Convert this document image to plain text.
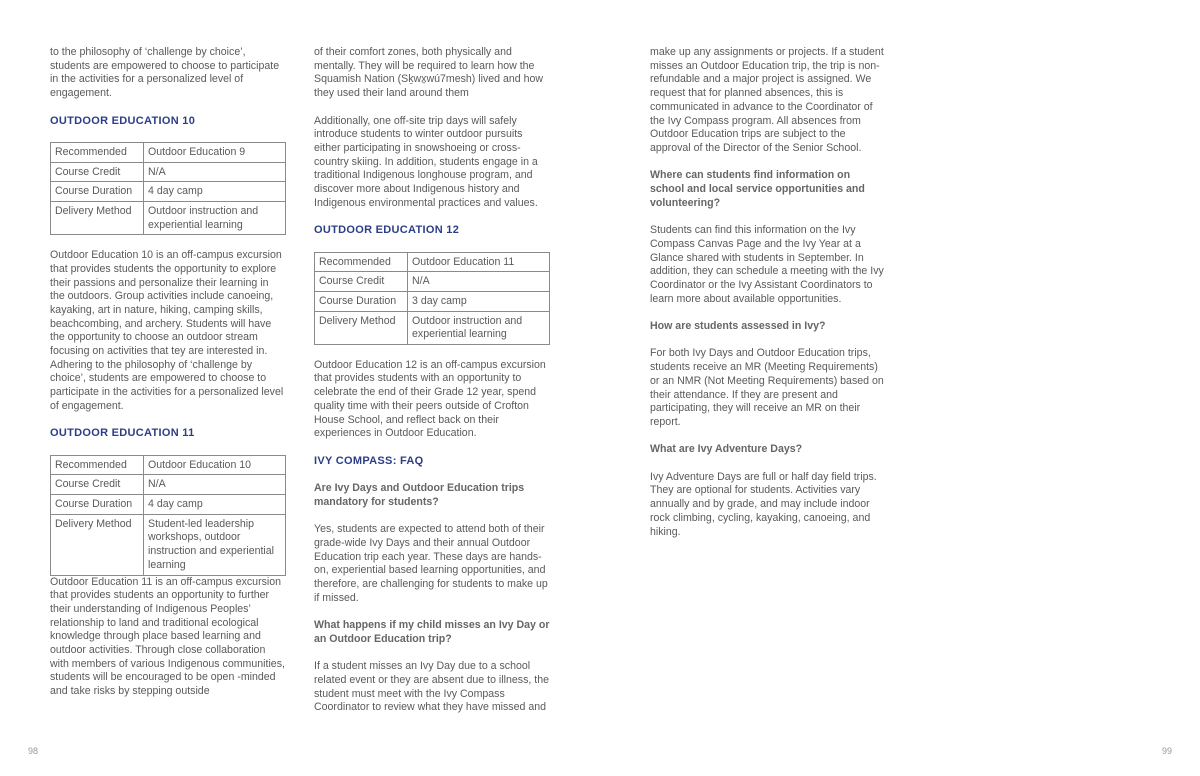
to the philosophy of ‘challenge by choice’, students are empowered to choose to participate in the activities for a personalized level of engagement.

OUTDOOR EDUCATION 10
Recommended	Outdoor Education 9
Course Credit	N/A
Course Duration	4 day camp
Delivery Method	Outdoor instruction and experiential learning

Outdoor Education 10 is an off-campus excursion that provides students the opportunity to explore their passions and personalize their learning in the outdoors. Group activities include canoeing, kayaking, art in nature, hiking, camping skills, beachcombing, and archery. Students will have the opportunity to choose an outdoor stream focusing on activities that tey are interested in. Adhering to the philosophy of ‘challenge by choice’, students are empowered to choose to participate in the activities for a personalized level of engagement.

OUTDOOR EDUCATION 11
Recommended	Outdoor Education 10
Course Credit	N/A
Course Duration	4 day camp
Delivery Method	Student-led leadership workshops, outdoor instruction and experiential learning

Outdoor Education 11 is an off-campus excursion that provides students an opportunity to further their understanding of Indigenous Peoples’ relationship to land and traditional ecological knowledge through place based learning and outdoor activities. Through close collaboration with members of various Indigenous communities, students will be encouraged to be open -minded and take risks by stepping outside

of their comfort zones, both physically and mentally. They will be required to learn how the Squamish Nation (Sḵwx̱wú7mesh) lived and how they used their land around them

Additionally, one off-site trip days will safely introduce students to winter outdoor pursuits either participating in snowshoeing or cross-country skiing. In addition, students engage in a traditional Indigenous longhouse program, and discover more about Indigenous history and Indigenous environmental practices and values.

OUTDOOR EDUCATION 12
Recommended	Outdoor Education 11
Course Credit	N/A
Course Duration	3 day camp
Delivery Method	Outdoor instruction and experiential learning

Outdoor Education 12 is an off-campus excursion that provides students with an opportunity to celebrate the end of their Grade 12 year, spend quality time with their peers outside of Crofton House School, and reflect back on their experiences in Outdoor Education.

IVY COMPASS: FAQ

Are Ivy Days and Outdoor Education trips mandatory for students?

Yes, students are expected to attend both of their grade-wide Ivy Days and their annual Outdoor Education trip each year. These days are hands-on, experiential based learning opportunities, and therefore, are challenging for students to make up if missed.

What happens if my child misses an Ivy Day or an Outdoor Education trip?

If a student misses an Ivy Day due to a school related event or they are absent due to illness, the student must meet with the Ivy Compass Coordinator to review what they have missed and

make up any assignments or projects. If a student misses an Outdoor Education trip, the trip is non-refundable and a major project is assigned. We request that for planned absences, this is communicated in advance to the Coordinator of the Ivy Compass program. All absences from Outdoor Education trips are subject to the approval of the Director of the Senior School.

Where can students find information on school and local service opportunities and volunteering?

Students can find this information on the Ivy Compass Canvas Page and the Ivy Year at a Glance shared with students in September. In addition, they can schedule a meeting with the Ivy Coordinator or the Ivy Assistant Coordinators to learn more about available opportunities.

How are students assessed in Ivy?

For both Ivy Days and Outdoor Education trips, students receive an MR (Meeting Requirements) or an NMR (Not Meeting Requirements) based on their attendance. If they are present and participating, they will receive an MR on their report.

What are Ivy Adventure Days?

Ivy Adventure Days are full or half day field trips. They are optional for students. Activities vary annually and by grade, and may include indoor rock climbing, cycling, kayaking, canoeing, and hiking.

98	99
